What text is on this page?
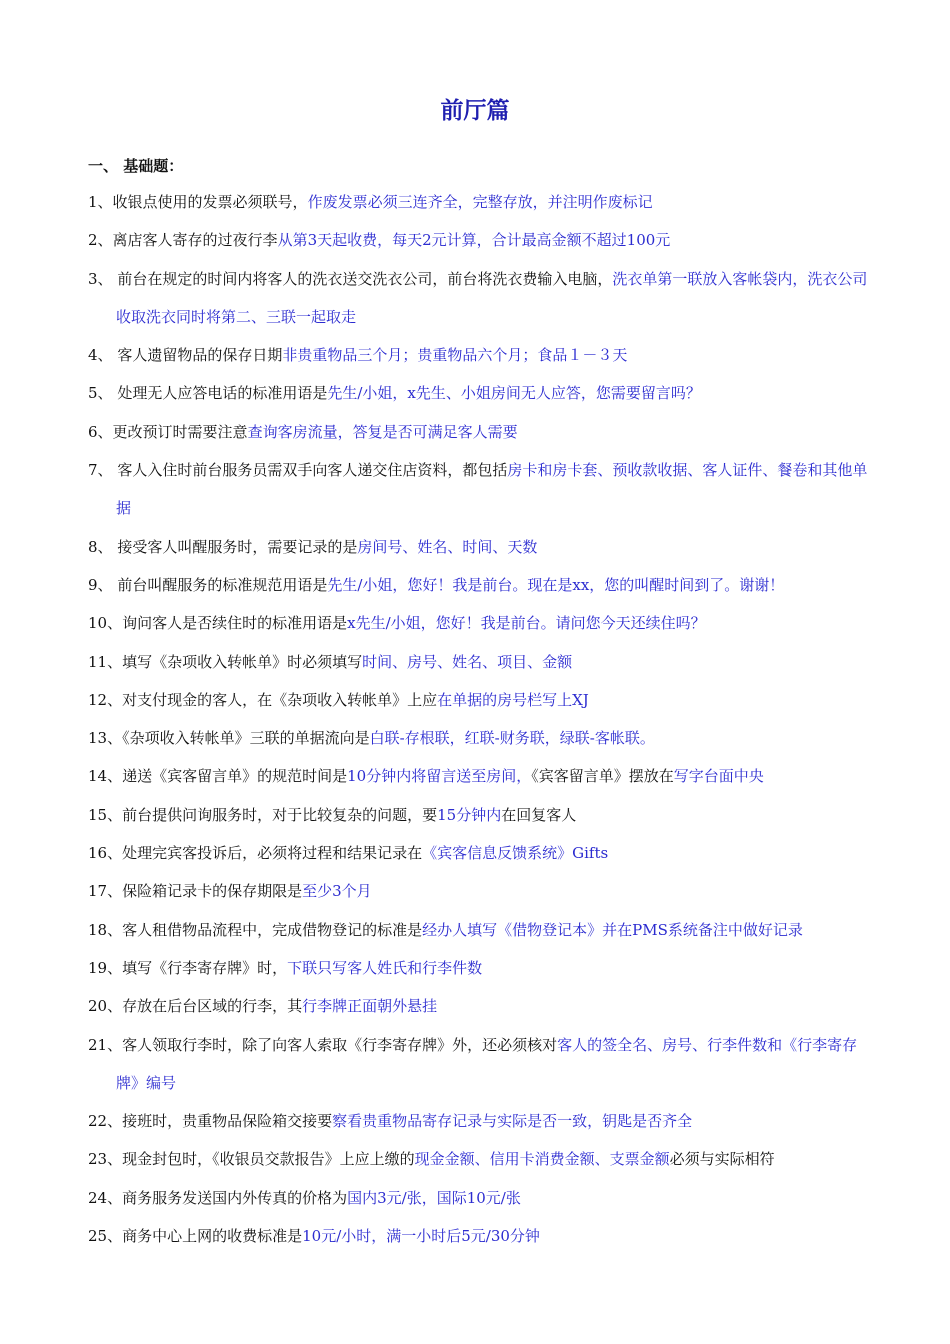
前厅篇
一、 基础题：
1、收银点使用的发票必须联号，作废发票必须三连齐全，完整存放，并注明作废标记
2、离店客人寄存的过夜行李从第3天起收费，每天2元计算，合计最高金额不超过100元
3、 前台在规定的时间内将客人的洗衣送交洗衣公司，前台将洗衣费输入电脑，洗衣单第一联放入客帐袋内，洗衣公司收取洗衣同时将第二、三联一起取走
4、 客人遗留物品的保存日期非贵重物品三个月；贵重物品六个月；食品１－３天
5、 处理无人应答电话的标准用语是先生/小姐，x先生、小姐房间无人应答，您需要留言吗？
6、更改预订时需要注意查询客房流量，答复是否可满足客人需要
7、 客人入住时前台服务员需双手向客人递交住店资料，都包括房卡和房卡套、预收款收据、客人证件、餐卷和其他单据
8、 接受客人叫醒服务时，需要记录的是房间号、姓名、时间、天数
9、 前台叫醒服务的标准规范用语是先生/小姐，您好！我是前台。现在是xx，您的叫醒时间到了。谢谢！
10、询问客人是否续住时的标准用语是x先生/小姐，您好！我是前台。请问您今天还续住吗？
11、填写《杂项收入转帐单》时必须填写时间、房号、姓名、项目、金额
12、对支付现金的客人，在《杂项收入转帐单》上应在单据的房号栏写上XJ
13、《杂项收入转帐单》三联的单据流向是白联-存根联，红联-财务联，绿联-客帐联。
14、递送《宾客留言单》的规范时间是10分钟内将留言送至房间，《宾客留言单》摆放在写字台面中央
15、前台提供问询服务时，对于比较复杂的问题，要15分钟内在回复客人
16、处理完宾客投诉后，必须将过程和结果记录在《宾客信息反馈系统》Gifts
17、保险箱记录卡的保存期限是至少3个月
18、客人租借物品流程中，完成借物登记的标准是经办人填写《借物登记本》并在PMS系统备注中做好记录
19、填写《行李寄存牌》时，下联只写客人姓氏和行李件数
20、存放在后台区域的行李，其行李牌正面朝外悬挂
21、客人领取行李时，除了向客人索取《行李寄存牌》外，还必须核对客人的签全名、房号、行李件数和《行李寄存牌》编号
22、接班时，贵重物品保险箱交接要察看贵重物品寄存记录与实际是否一致，钥匙是否齐全
23、现金封包时，《收银员交款报告》上应上缴的现金金额、信用卡消费金额、支票金额必须与实际相符
24、商务服务发送国内外传真的价格为国内3元/张，国际10元/张
25、商务中心上网的收费标准是10元/小时，满一小时后5元/30分钟
